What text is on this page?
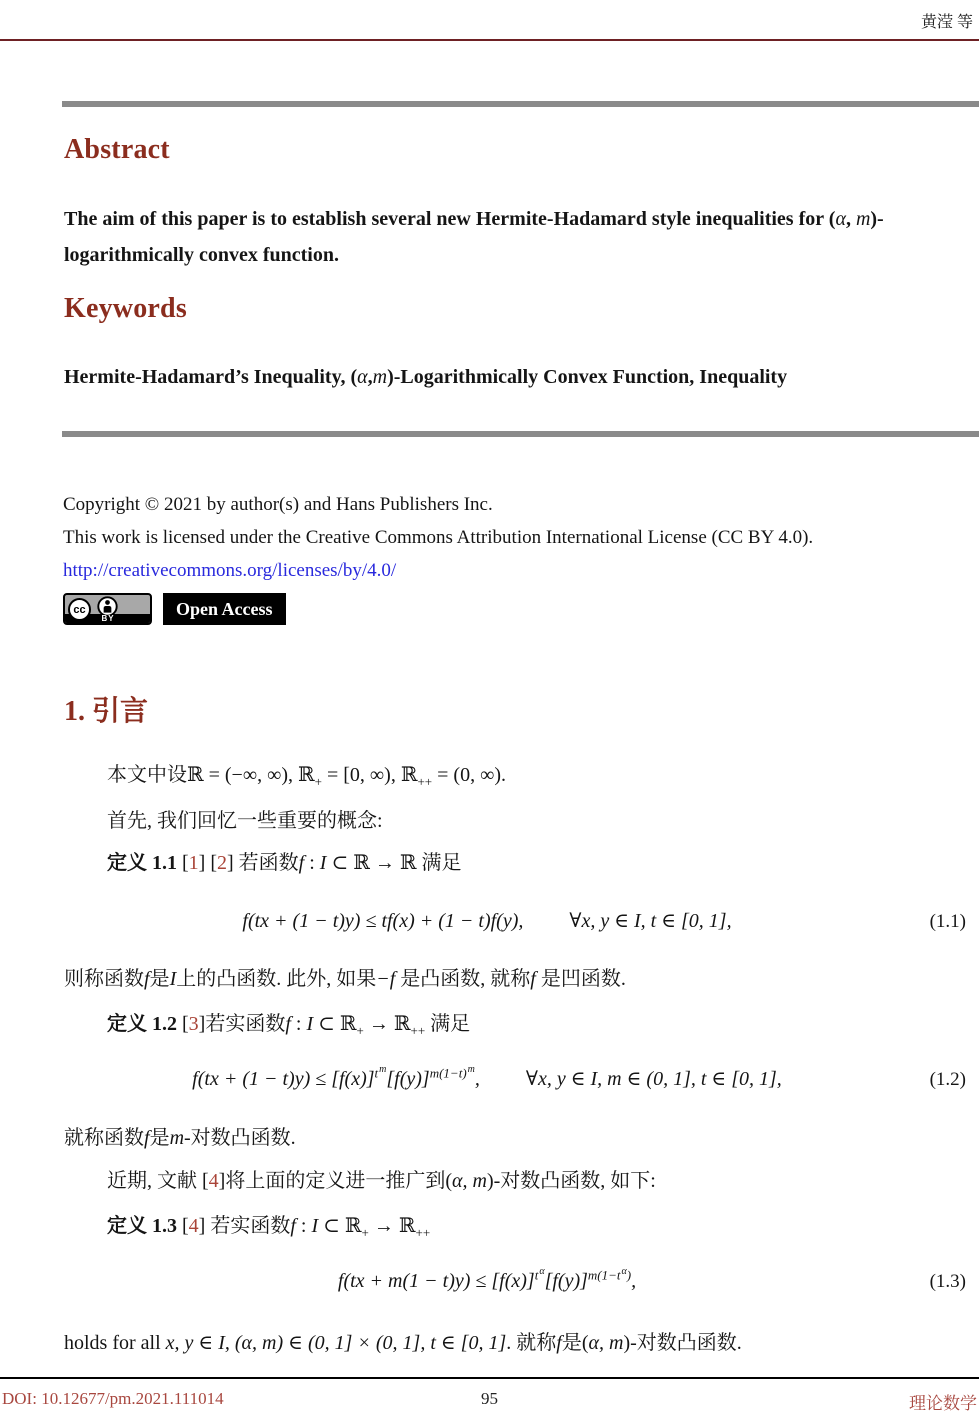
黄滢 等
Abstract

The aim of this paper is to establish several new Hermite-Hadamard style inequalities for (α, m)-logarithmically convex function.

Keywords

Hermite-Hadamard’s Inequality, (α,m)-Logarithmically Convex Function, Inequality

Copyright © 2021 by author(s) and Hans Publishers Inc.
This work is licensed under the Creative Commons Attribution International License (CC BY 4.0).
http://creativecommons.org/licenses/by/4.0/
cc
BY	Open Access
1. 引言

本文中设ℝ = (−∞, ∞), ℝ$_+$ = [0, ∞), ℝ$_{++}$ = (0, ∞).

首先, 我们回忆一些重要的概念:

定义 1.1 [1] [2] 若函数f : I ⊂ ℝ → ℝ 满足

f(tx + (1 − t)y) ≤ tf(x) + (1 − t)f(y), ∀x, y ∈ I, t ∈ [0, 1],	(1.1)

则称函数f是I上的凸函数. 此外, 如果−f 是凸函数, 就称f 是凹函数.

定义 1.2 [3]若实函数f : I ⊂ ℝ$_+$ → ℝ$_{++}$ 满足

$f(tx + (1 - t)y) \le [f(x)]^{tm}[f(y)]^{m(1-t)m}$, ∀x, y ∈ I, m ∈ (0, 1], t ∈ [0, 1],	(1.2)

就称函数f是m-对数凸函数.

近期, 文献 [4]将上面的定义进一推广到(α, m)-对数凸函数, 如下:

定义 1.3 [4] 若实函数f : I ⊂ ℝ$_+$ → ℝ$_{++}$

$f(tx + m(1 - t)y) \le [f(x)]^{t\alpha}[f(y)]^{m(1-t\alpha)}$,	(1.3)

holds for all x, y ∈ I, (α, m) ∈ (0, 1] × (0, 1], t ∈ [0, 1]. 就称f是(α, m)-对数凸函数.

DOI: 10.12677/pm.2021.111014	95	理论数学
